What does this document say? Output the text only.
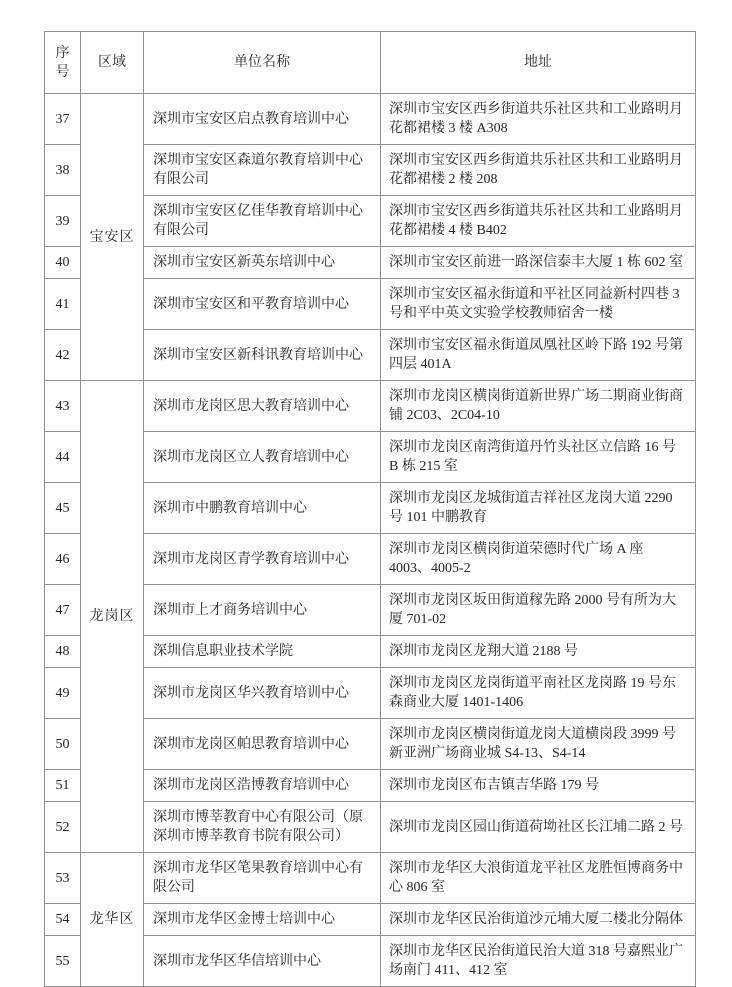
序号	区域	单位名称	地址
37	宝安区	深圳市宝安区启点教育培训中心	深圳市宝安区西乡街道共乐社区共和工业路明月花都裙楼 3 楼 A308
38		深圳市宝安区森道尔教育培训中心有限公司	深圳市宝安区西乡街道共乐社区共和工业路明月花都裙楼 2 楼 208
39		深圳市宝安区亿佳华教育培训中心有限公司	深圳市宝安区西乡街道共乐社区共和工业路明月花都裙楼 4 楼 B402
40		深圳市宝安区新英东培训中心	深圳市宝安区前进一路深信泰丰大厦 1 栋 602 室
41		深圳市宝安区和平教育培训中心	深圳市宝安区福永街道和平社区同益新村四巷 3 号和平中英文实验学校教师宿舍一楼
42		深圳市宝安区新科讯教育培训中心	深圳市宝安区福永街道凤凰社区岭下路 192 号第四层 401A
43	龙岗区	深圳市龙岗区思大教育培训中心	深圳市龙岗区横岗街道新世界广场二期商业街商铺 2C03、2C04-10
44		深圳市龙岗区立人教育培训中心	深圳市龙岗区南湾街道丹竹头社区立信路 16 号 B 栋 215 室
45		深圳市中鹏教育培训中心	深圳市龙岗区龙城街道吉祥社区龙岗大道 2290 号 101 中鹏教育
46		深圳市龙岗区青学教育培训中心	深圳市龙岗区横岗街道荣德时代广场 A 座 4003、4005-2
47		深圳市上才商务培训中心	深圳市龙岗区坂田街道稼先路 2000 号有所为大厦 701-02
48		深圳信息职业技术学院	深圳市龙岗区龙翔大道 2188 号
49		深圳市龙岗区华兴教育培训中心	深圳市龙岗区龙岗街道平南社区龙岗路 19 号东森商业大厦 1401-1406
50		深圳市龙岗区帕思教育培训中心	深圳市龙岗区横岗街道龙岗大道横岗段 3999 号新亚洲广场商业城 S4-13、S4-14
51		深圳市龙岗区浩博教育培训中心	深圳市龙岗区布吉镇吉华路 179 号
52		深圳市博莘教育中心有限公司（原深圳市博莘教育书院有限公司）	深圳市龙岗区园山街道荷坳社区长江埔二路 2 号
53	龙华区	深圳市龙华区笔果教育培训中心有限公司	深圳市龙华区大浪街道龙平社区龙胜恒博商务中心 806 室
54		深圳市龙华区金博士培训中心	深圳市龙华区民治街道沙元埔大厦二楼北分隔体
55		深圳市龙华区华信培训中心	深圳市龙华区民治街道民治大道 318 号嘉熙业广场南门 411、412 室
